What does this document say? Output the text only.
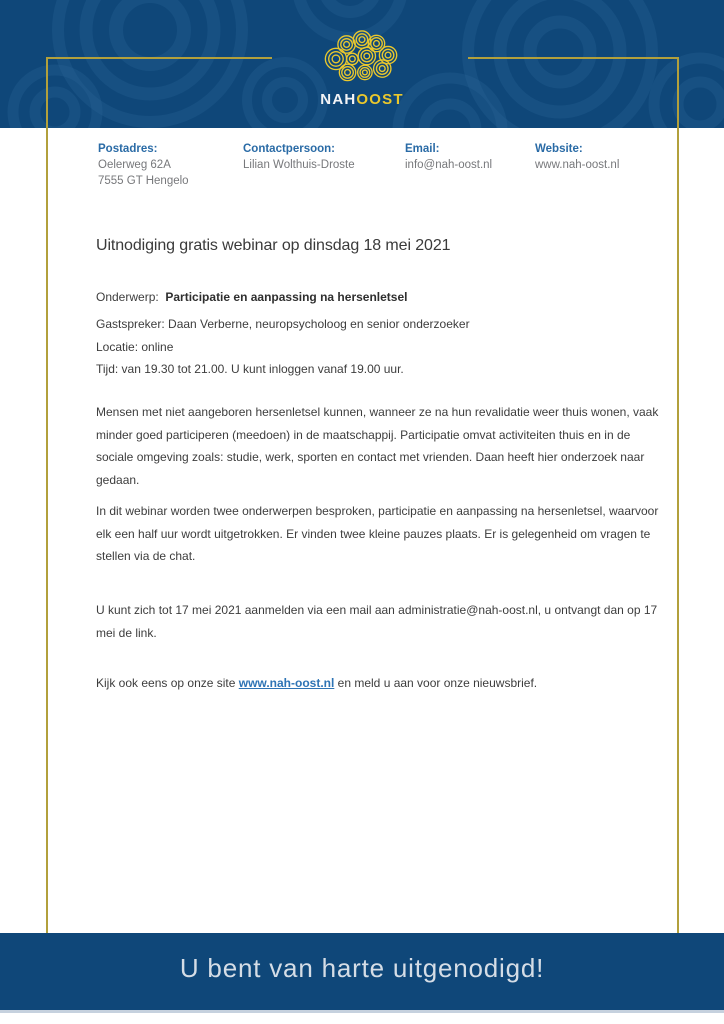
NAHOOST
Postadres:
Oelerweg 62A
7555 GT Hengelo
Contactpersoon:
Lilian Wolthuis-Droste
Email:
info@nah-oost.nl
Website:
www.nah-oost.nl
Uitnodiging gratis webinar op dinsdag 18 mei 2021
Onderwerp: Participatie en aanpassing na hersenletsel
Gastspreker: Daan Verberne, neuropsycholoog en senior onderzoeker
Locatie: online
Tijd: van 19.30 tot 21.00. U kunt inloggen vanaf 19.00 uur.
Mensen met niet aangeboren hersenletsel kunnen, wanneer ze na hun revalidatie weer thuis wonen, vaak minder goed participeren (meedoen) in de maatschappij. Participatie omvat activiteiten thuis en in de sociale omgeving zoals: studie, werk, sporten en contact met vrienden. Daan heeft hier onderzoek naar gedaan.
In dit webinar worden twee onderwerpen besproken, participatie en aanpassing na hersenletsel, waarvoor elk een half uur wordt uitgetrokken. Er vinden twee kleine pauzes plaats. Er is gelegenheid om vragen te stellen via de chat.
U kunt zich tot 17 mei 2021 aanmelden via een mail aan administratie@nah-oost.nl, u ontvangt dan op 17 mei de link.
Kijk ook eens op onze site www.nah-oost.nl en meld u aan voor onze nieuwsbrief.
U bent van harte uitgenodigd!
